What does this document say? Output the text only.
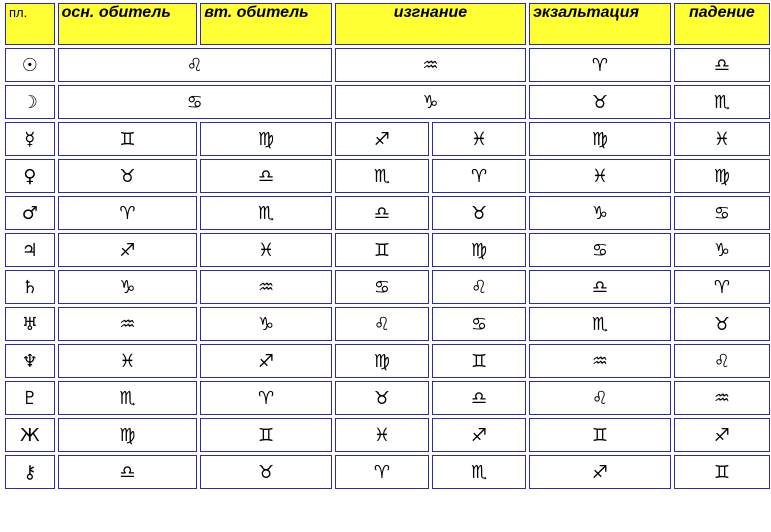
пл.	осн. обитель	вт. обитель	изгнание		экзальтация	падение
☉	♌		♒		♈	♎
☽	♋		♑		♉	♏
☿	♊	♍	♐	♓	♍	♓
♀	♉	♎	♏	♈	♓	♍
♂	♈	♏	♎	♉	♑	♋
♃	♐	♓	♊	♍	♋	♑
♄	♑	♒	♋	♌	♎	♈
♅	♒	♑	♌	♋	♏	♉
♆	♓	♐	♍	♊	♒	♌
♇	♏	♈	♉	♎	♌	♒
Ж	♍	♊	♓	♐	♊	♐
⚷	♎	♉	♈	♏	♐	♊
